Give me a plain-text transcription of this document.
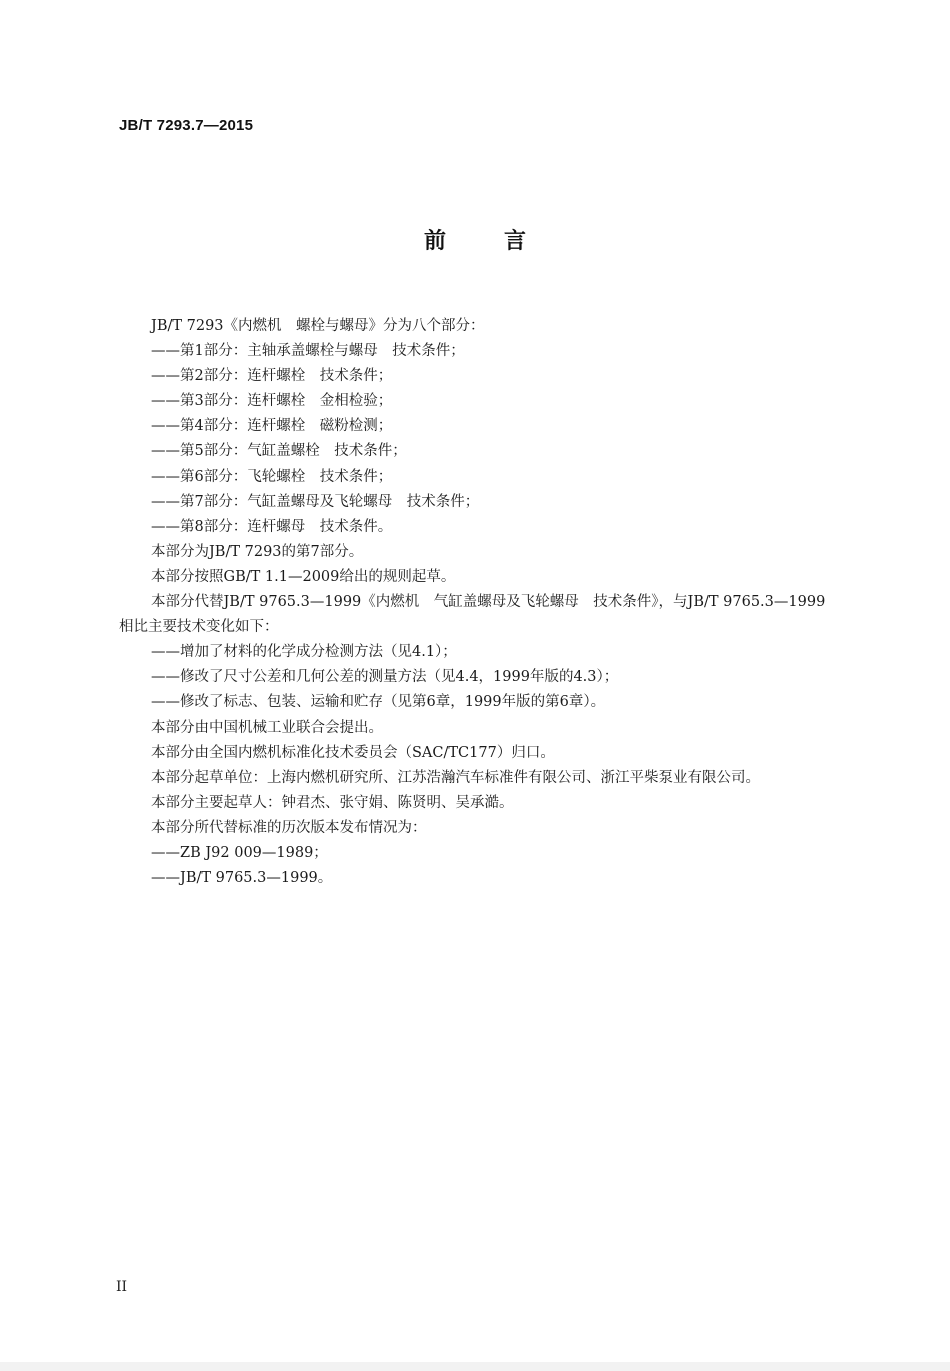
JB/T 7293.7—2015
前	言
JB/T 7293《内燃机　螺栓与螺母》分为八个部分：
——第1部分：主轴承盖螺栓与螺母　技术条件；
——第2部分：连杆螺栓　技术条件；
——第3部分：连杆螺栓　金相检验；
——第4部分：连杆螺栓　磁粉检测；
——第5部分：气缸盖螺栓　技术条件；
——第6部分：飞轮螺栓　技术条件；
——第7部分：气缸盖螺母及飞轮螺母　技术条件；
——第8部分：连杆螺母　技术条件。
本部分为JB/T 7293的第7部分。
本部分按照GB/T 1.1—2009给出的规则起草。
本部分代替JB/T 9765.3—1999《内燃机　气缸盖螺母及飞轮螺母　技术条件》，与JB/T 9765.3—1999
相比主要技术变化如下：
——增加了材料的化学成分检测方法（见4.1）；
——修改了尺寸公差和几何公差的测量方法（见4.4，1999年版的4.3）；
——修改了标志、包装、运输和贮存（见第6章，1999年版的第6章）。
本部分由中国机械工业联合会提出。
本部分由全国内燃机标准化技术委员会（SAC/TC177）归口。
本部分起草单位：上海内燃机研究所、江苏浩瀚汽车标准件有限公司、浙江平柴泵业有限公司。
本部分主要起草人：钟君杰、张守娟、陈贤明、吴承澔。
本部分所代替标准的历次版本发布情况为：
——ZB J92 009—1989；
——JB/T 9765.3—1999。
II
